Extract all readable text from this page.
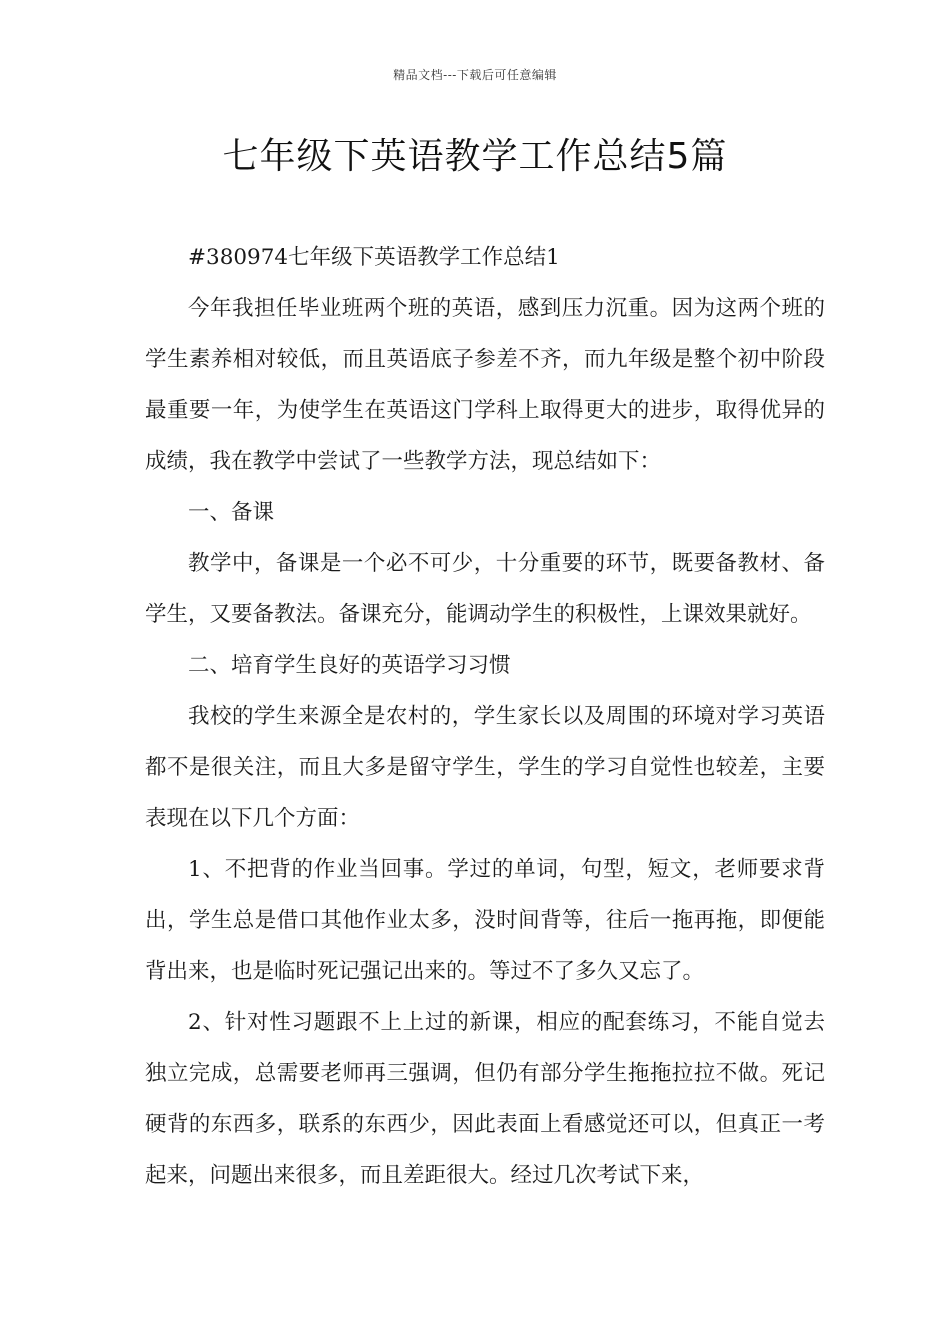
精品文档---下载后可任意编辑
七年级下英语教学工作总结5篇

#380974七年级下英语教学工作总结1

今年我担任毕业班两个班的英语，感到压力沉重。因为这两个班的学生素养相对较低，而且英语底子参差不齐，而九年级是整个初中阶段最重要一年，为使学生在英语这门学科上取得更大的进步，取得优异的成绩，我在教学中尝试了一些教学方法，现总结如下：

一、备课

教学中，备课是一个必不可少，十分重要的环节，既要备教材、备学生，又要备教法。备课充分，能调动学生的积极性，上课效果就好。

二、培育学生良好的英语学习习惯

我校的学生来源全是农村的，学生家长以及周围的环境对学习英语都不是很关注，而且大多是留守学生，学生的学习自觉性也较差，主要表现在以下几个方面：

1、不把背的作业当回事。学过的单词，句型，短文，老师要求背出，学生总是借口其他作业太多，没时间背等，往后一拖再拖，即便能背出来，也是临时死记强记出来的。等过不了多久又忘了。

2、针对性习题跟不上上过的新课，相应的配套练习，不能自觉去独立完成，总需要老师再三强调，但仍有部分学生拖拖拉拉不做。死记硬背的东西多，联系的东西少，因此表面上看感觉还可以，但真正一考起来，问题出来很多，而且差距很大。经过几次考试下来，
